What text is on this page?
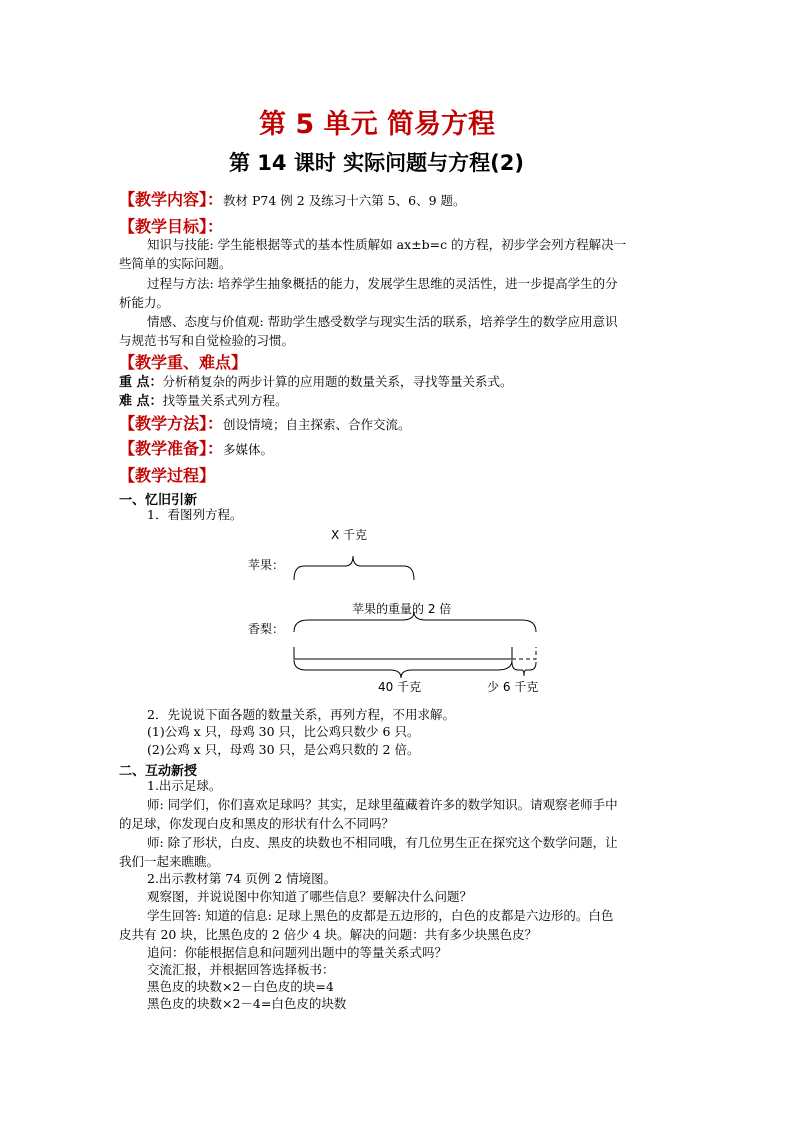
第 5 单元 简易方程
第 14 课时 实际问题与方程(2)
【教学内容】：教材 P74 例 2 及练习十六第 5、6、9 题。
【教学目标】：
知识与技能: 学生能根据等式的基本性质解如 ax±b=c 的方程，初步学会列方程解决一
些简单的实际问题。
过程与方法: 培养学生抽象概括的能力，发展学生思维的灵活性，进一步提高学生的分
析能力。
情感、态度与价值观: 帮助学生感受数学与现实生活的联系，培养学生的数学应用意识
与规范书写和自觉检验的习惯。
【教学重、难点】
重 点：分析稍复杂的两步计算的应用题的数量关系，寻找等量关系式。
难 点：找等量关系式列方程。
【教学方法】：创设情境；自主探索、合作交流。
【教学准备】：多媒体。
【教学过程】
一、忆旧引新
1．看图列方程。
X 千克
苹果：
苹果的重量的 2 倍
香梨：
40 千克	少 6 千克
2．先说说下面各题的数量关系，再列方程，不用求解。
(1)公鸡 x 只，母鸡 30 只，比公鸡只数少 6 只。
(2)公鸡 x 只，母鸡 30 只，是公鸡只数的 2 倍。
二、互动新授
1.出示足球。
师: 同学们，你们喜欢足球吗？其实，足球里蕴藏着许多的数学知识。请观察老师手中
的足球，你发现白皮和黑皮的形状有什么不同吗？
师: 除了形状，白皮、黑皮的块数也不相同哦，有几位男生正在探究这个数学问题，让
我们一起来瞧瞧。
2.出示教材第 74 页例 2 情境图。
观察图，并说说图中你知道了哪些信息？要解决什么问题？
学生回答: 知道的信息: 足球上黑色的皮都是五边形的，白色的皮都是六边形的。白色
皮共有 20 块，比黑色皮的 2 倍少 4 块。解决的问题：共有多少块黑色皮？
追问：你能根据信息和问题列出题中的等量关系式吗？
交流汇报，并根据回答选择板书：
黑色皮的块数×2－白色皮的块=4
黑色皮的块数×2－4=白色皮的块数
